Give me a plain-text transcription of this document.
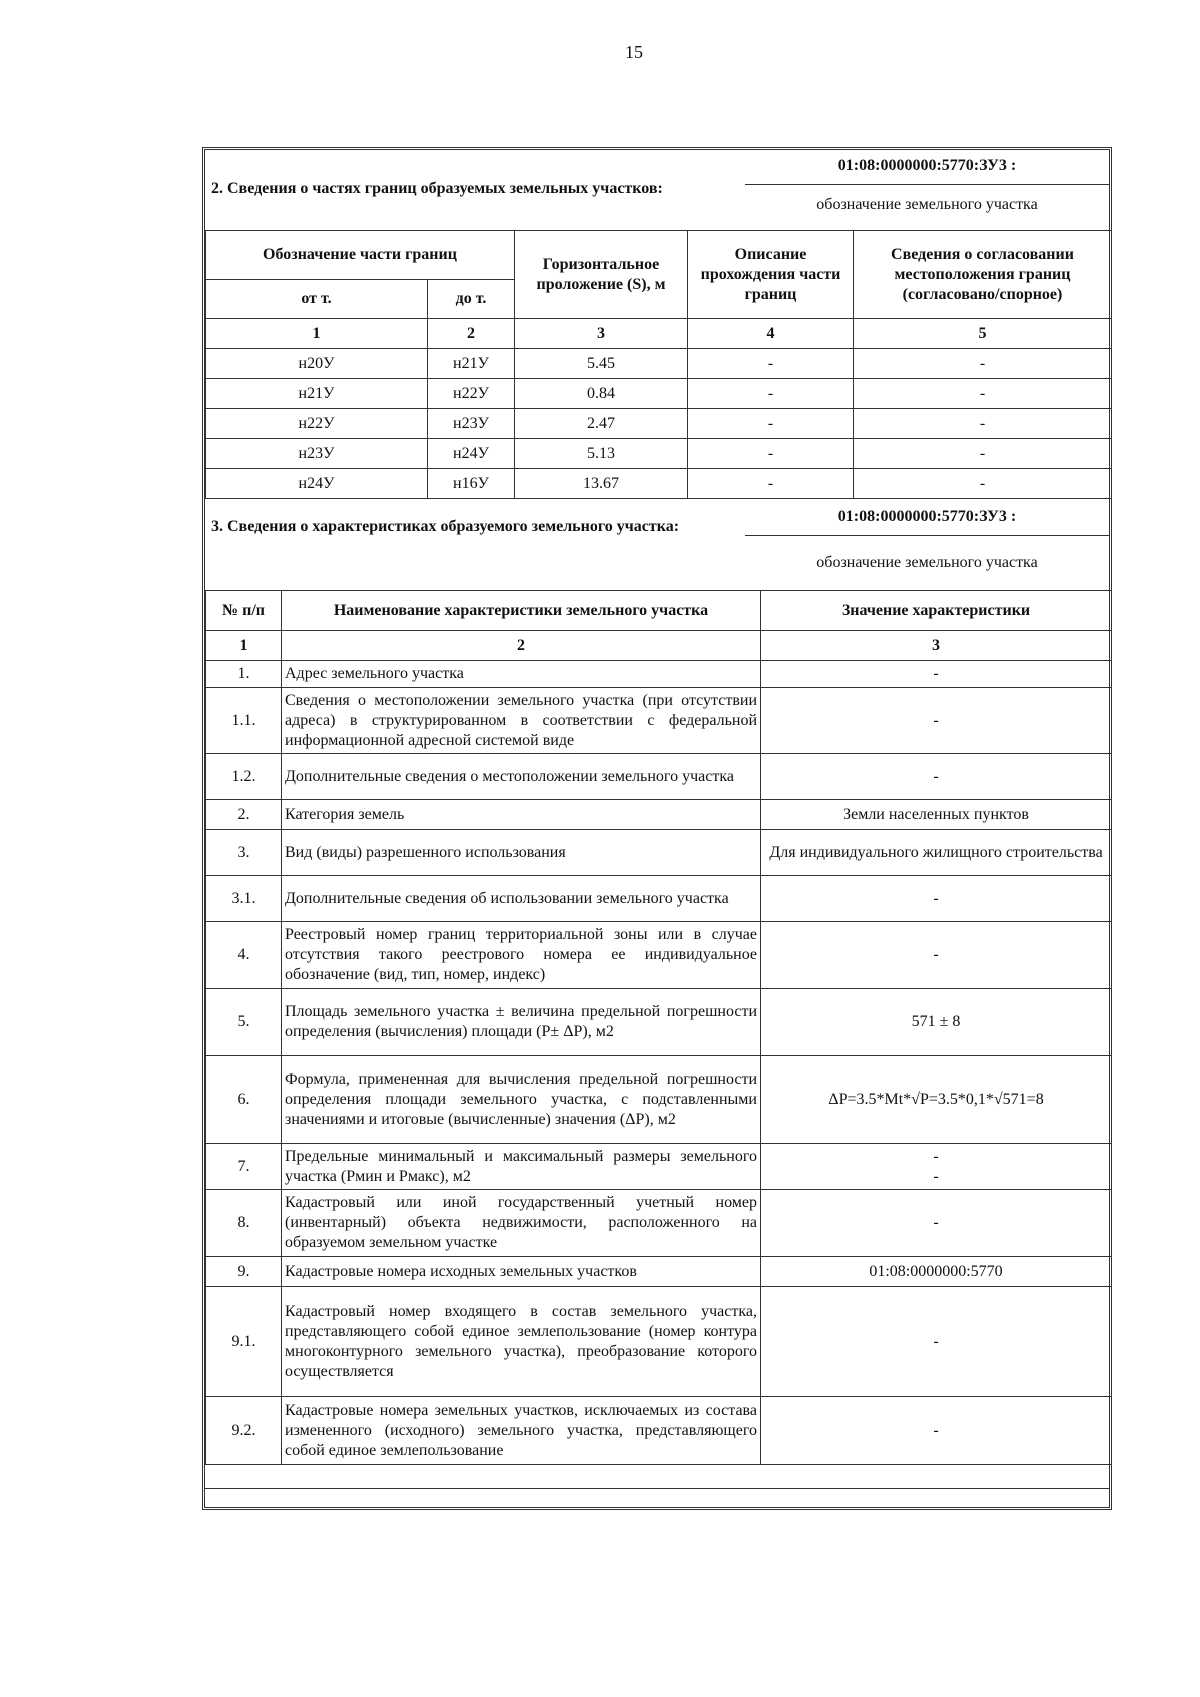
15
2. Сведения о частях границ образуемых земельных участков:
01:08:0000000:5770:ЗУ3 :
обозначение земельного участка
Обозначение части границ		Горизонтальное проложение (S), м	Описание прохождения части границ	Сведения о согласовании местоположения границ (согласовано/спорное)
от т.	до т.			
1	2	3	4	5
н20У	н21У	5.45	-	-
н21У	н22У	0.84	-	-
н22У	н23У	2.47	-	-
н23У	н24У	5.13	-	-
н24У	н16У	13.67	-	-
3. Сведения о характеристиках образуемого земельного участка:
01:08:0000000:5770:ЗУ3 :
обозначение земельного участка
№ п/п	Наименование характеристики земельного участка	Значение характеристики
1	2	3
1.	Адрес земельного участка	-
1.1.	Сведения о местоположении земельного участка (при отсутствии адреса) в структурированном в соответствии с федеральной информационной адресной системой виде	-
1.2.	Дополнительные сведения о местоположении земельного участка	-
2.	Категория земель	Земли населенных пунктов
3.	Вид (виды) разрешенного использования	Для индивидуального жилищного строительства
3.1.	Дополнительные сведения об использовании земельного участка	-
4.	Реестровый номер границ территориальной зоны или в случае отсутствия такого реестрового номера ее индивидуальное обозначение (вид, тип, номер, индекс)	-
5.	Площадь земельного участка ± величина предельной погрешности определения (вычисления) площади (Р± ΔР), м2	571 ± 8
6.	Формула, примененная для вычисления предельной погрешности определения площади земельного участка, с подставленными значениями и итоговые (вычисленные) значения (ΔР), м2	ΔР=3.5*Mt*√P=3.5*0,1*√571=8
7.	Предельные минимальный и максимальный размеры земельного участка (Рмин и Рмакс), м2	-
-
8.	Кадастровый или иной государственный учетный номер (инвентарный) объекта недвижимости, расположенного на образуемом земельном участке	-
9.	Кадастровые номера исходных земельных участков	01:08:0000000:5770
9.1.	Кадастровый номер входящего в состав земельного участка, представляющего собой единое землепользование (номер контура многоконтурного земельного участка), преобразование которого осуществляется	-
9.2.	Кадастровые номера земельных участков, исключаемых из состава измененного (исходного) земельного участка, представляющего собой единое землепользование	-
